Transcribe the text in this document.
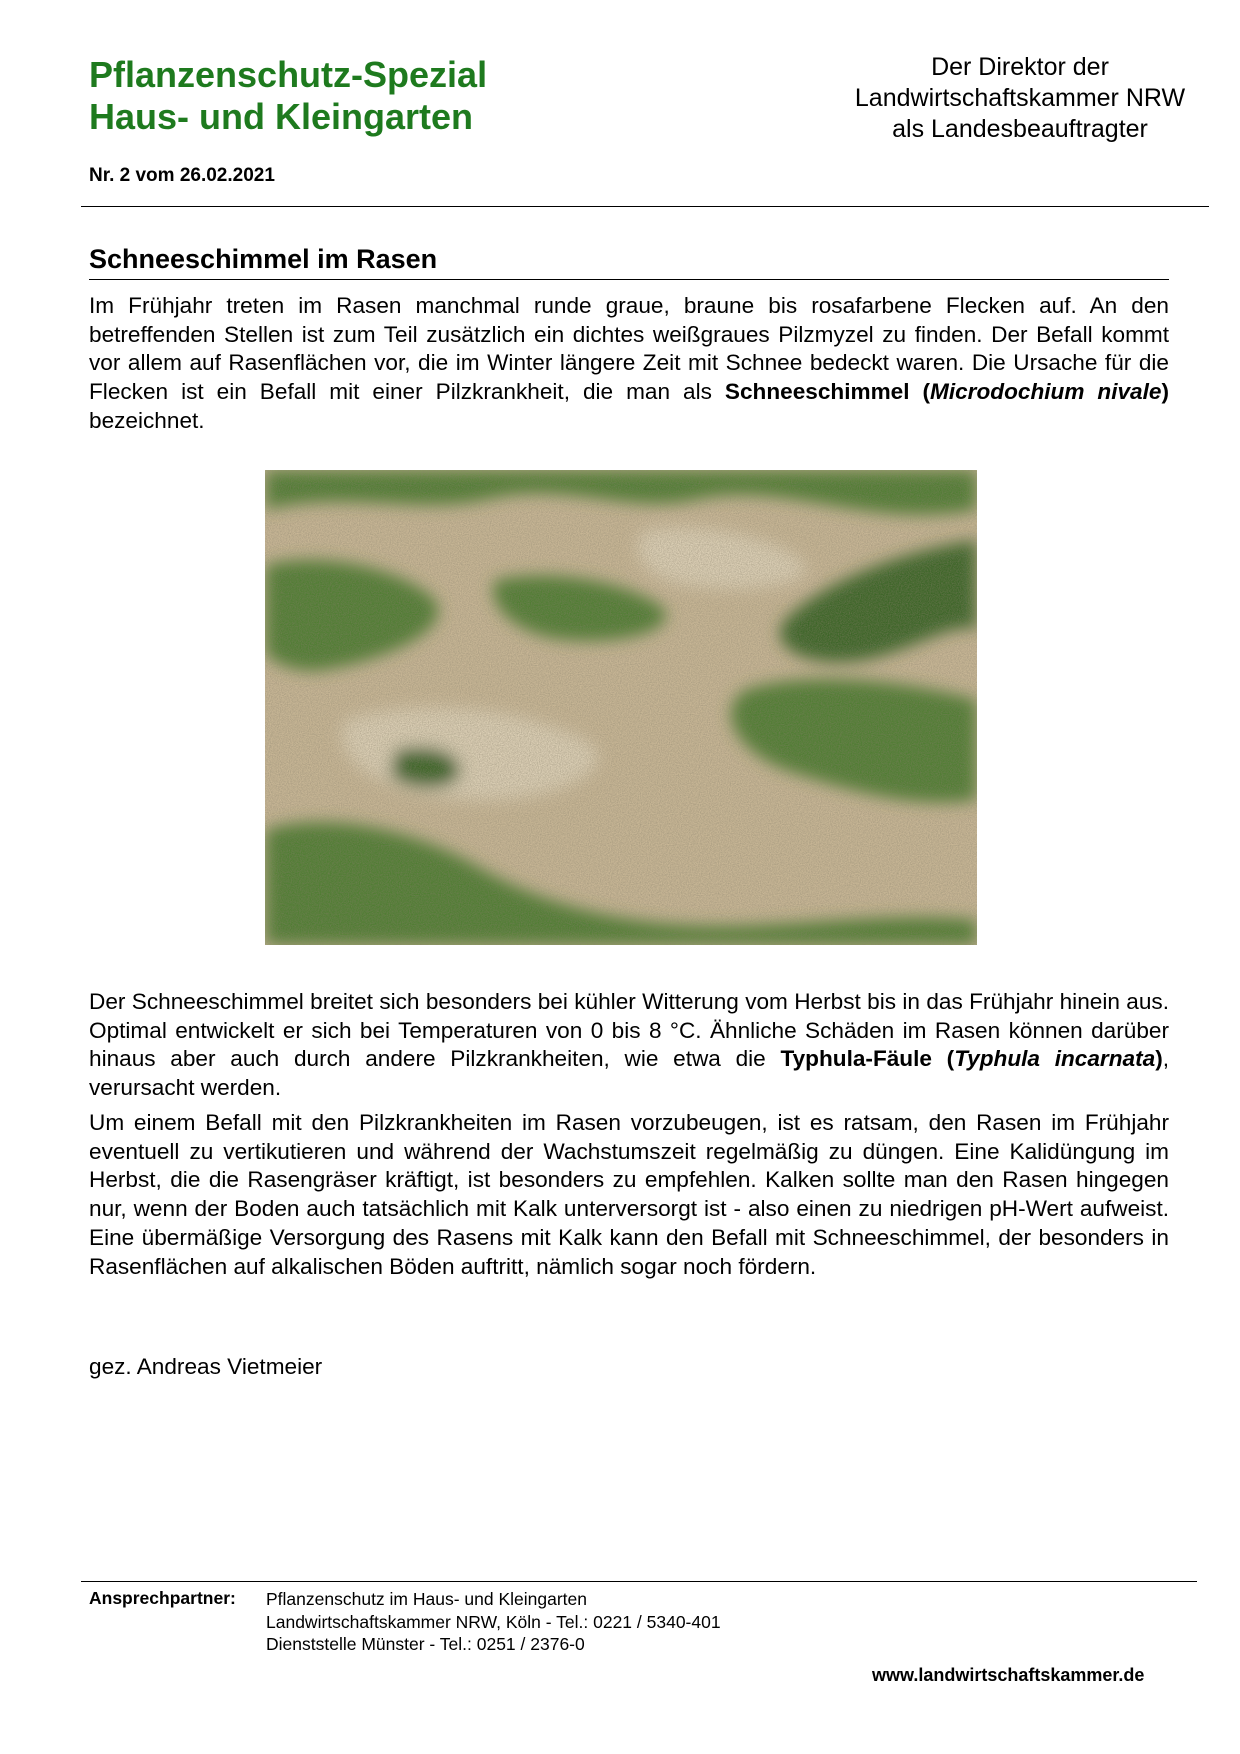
Pflanzenschutz-Spezial
Haus- und Kleingarten
Der Direktor der
Landwirtschaftskammer NRW
als Landesbeauftragter
Nr. 2 vom 26.02.2021
Schneeschimmel im Rasen

Im Frühjahr treten im Rasen manchmal runde graue, braune bis rosafarbene Flecken auf. An den betreffenden Stellen ist zum Teil zusätzlich ein dichtes weißgraues Pilzmyzel zu finden. Der Befall kommt vor allem auf Rasenflächen vor, die im Winter längere Zeit mit Schnee bedeckt waren. Die Ursache für die Flecken ist ein Befall mit einer Pilzkrankheit, die man als Schneeschimmel (Microdochium nivale) bezeichnet.

Der Schneeschimmel breitet sich besonders bei kühler Witterung vom Herbst bis in das Frühjahr hinein aus. Optimal entwickelt er sich bei Temperaturen von 0 bis 8 °C. Ähnliche Schäden im Rasen können darüber hinaus aber auch durch andere Pilzkrankheiten, wie etwa die Typhula-Fäule (Typhula incarnata), verursacht werden.

Um einem Befall mit den Pilzkrankheiten im Rasen vorzubeugen, ist es ratsam, den Rasen im Frühjahr eventuell zu vertikutieren und während der Wachstumszeit regelmäßig zu düngen. Eine Kalidüngung im Herbst, die die Rasengräser kräftigt, ist besonders zu empfehlen. Kalken sollte man den Rasen hingegen nur, wenn der Boden auch tatsächlich mit Kalk unterversorgt ist - also einen zu niedrigen pH-Wert aufweist. Eine übermäßige Versorgung des Rasens mit Kalk kann den Befall mit Schneeschimmel, der besonders in Rasenflächen auf alkalischen Böden auftritt, nämlich sogar noch fördern.

gez. Andreas Vietmeier
Ansprechpartner: Pflanzenschutz im Haus- und Kleingarten
Landwirtschaftskammer NRW, Köln - Tel.: 0221 / 5340-401
Dienststelle Münster - Tel.: 0251 / 2376-0
www.landwirtschaftskammer.de
